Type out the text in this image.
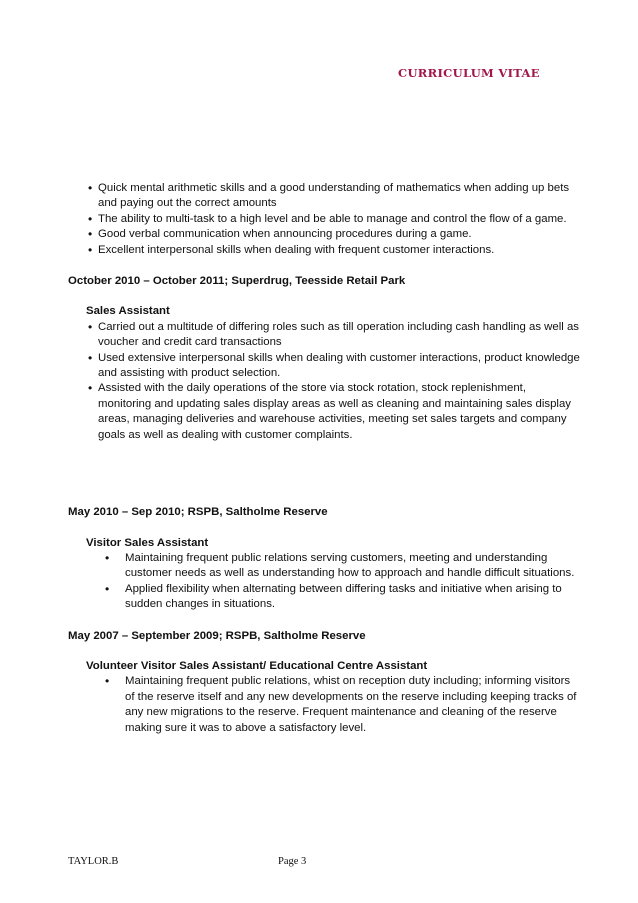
CURRICULUM VITAE
• Quick mental arithmetic skills and a good understanding of mathematics when adding up bets and paying out the correct amounts
• The ability to multi-task to a high level and be able to manage and control the flow of a game.
• Good verbal communication when announcing procedures during a game.
• Excellent interpersonal skills when dealing with frequent customer interactions.

October 2010 – October 2011; Superdrug, Teesside Retail Park

Sales Assistant

• Carried out a multitude of differing roles such as till operation including cash handling as well as voucher and credit card transactions
• Used extensive interpersonal skills when dealing with customer interactions, product knowledge and assisting with product selection.
• Assisted with the daily operations of the store via stock rotation, stock replenishment, monitoring and updating sales display areas as well as cleaning and maintaining sales display areas, managing deliveries and warehouse activities, meeting set sales targets and company goals as well as dealing with customer complaints.

May 2010 – Sep 2010; RSPB, Saltholme Reserve

Visitor Sales Assistant

• Maintaining frequent public relations serving customers, meeting and understanding customer needs as well as understanding how to approach and handle difficult situations.
• Applied flexibility when alternating between differing tasks and initiative when arising to sudden changes in situations.

May 2007 – September 2009; RSPB, Saltholme Reserve

Volunteer Visitor Sales Assistant/ Educational Centre Assistant

• Maintaining frequent public relations, whist on reception duty including; informing visitors of the reserve itself and any new developments on the reserve including keeping tracks of any new migrations to the reserve. Frequent maintenance and cleaning of the reserve making sure it was to above a satisfactory level.
TAYLOR.B	Page 3
